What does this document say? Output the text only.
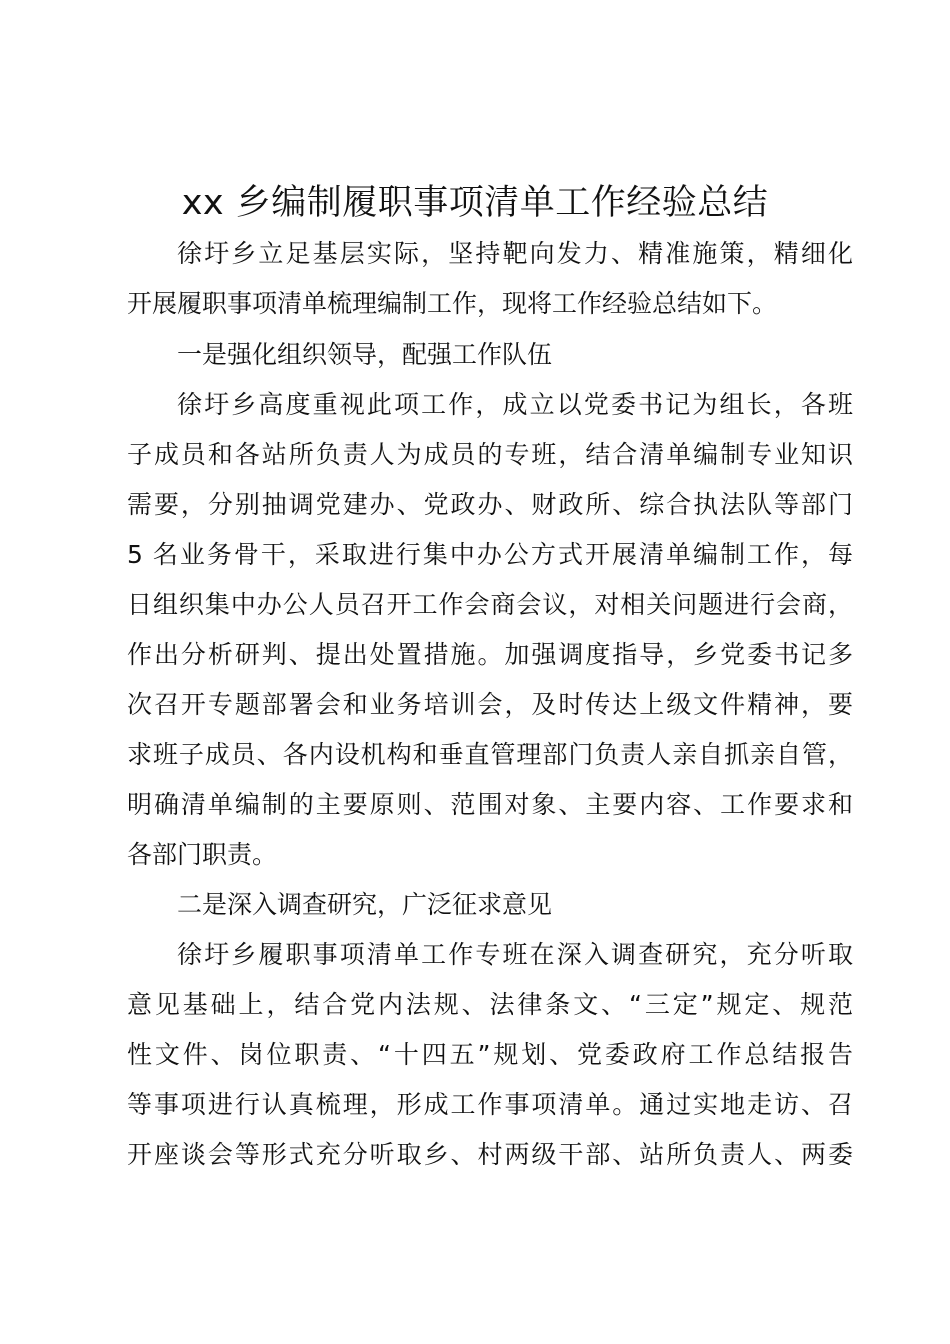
xx 乡编制履职事项清单工作经验总结
徐圩乡立足基层实际，坚持靶向发力、精准施策，精细化
开展履职事项清单梳理编制工作，现将工作经验总结如下。
一是强化组织领导，配强工作队伍
徐圩乡高度重视此项工作，成立以党委书记为组长，各班
子成员和各站所负责人为成员的专班，结合清单编制专业知识
需要，分别抽调党建办、党政办、财政所、综合执法队等部门
5 名业务骨干，采取进行集中办公方式开展清单编制工作，每
日组织集中办公人员召开工作会商会议，对相关问题进行会商，
作出分析研判、提出处置措施。加强调度指导，乡党委书记多
次召开专题部署会和业务培训会，及时传达上级文件精神，要
求班子成员、各内设机构和垂直管理部门负责人亲自抓亲自管，
明确清单编制的主要原则、范围对象、主要内容、工作要求和
各部门职责。
二是深入调查研究，广泛征求意见
徐圩乡履职事项清单工作专班在深入调查研究，充分听取
意见基础上，结合党内法规、法律条文、“三定”规定、规范
性文件、岗位职责、“十四五”规划、党委政府工作总结报告
等事项进行认真梳理，形成工作事项清单。通过实地走访、召
开座谈会等形式充分听取乡、村两级干部、站所负责人、两委
